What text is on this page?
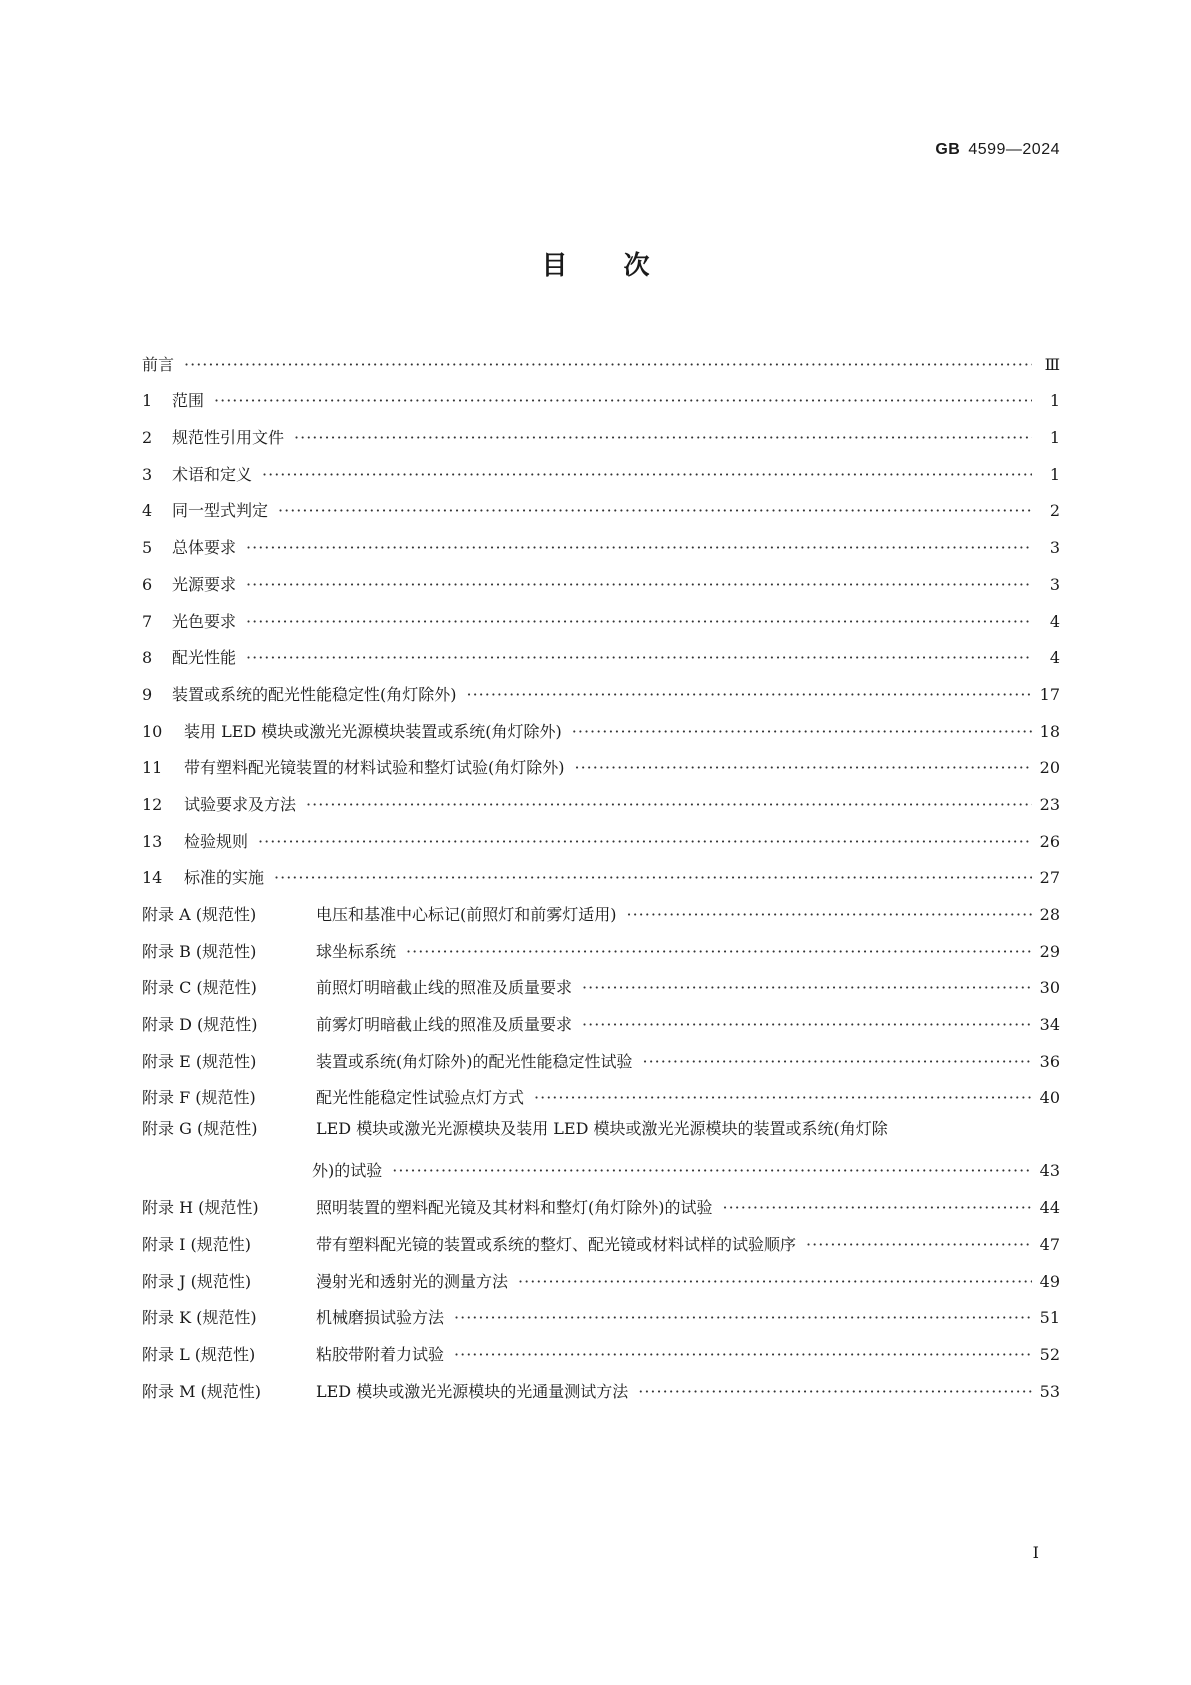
GB 4599—2024
目次
前言 ·····	Ⅲ
1	范围 ·····	1
2	规范性引用文件 ·····	1
3	术语和定义 ·····	1
4	同一型式判定 ·····	2
5	总体要求 ·····	3
6	光源要求 ·····	3
7	光色要求 ·····	4
8	配光性能 ·····	4
9	装置或系统的配光性能稳定性(角灯除外) ·····	17
10	装用 LED 模块或激光光源模块装置或系统(角灯除外) ·····	18
11	带有塑料配光镜装置的材料试验和整灯试验(角灯除外) ·····	20
12	试验要求及方法 ·····	23
13	检验规则 ·····	26
14	标准的实施 ·····	27
附录 A (规范性)	电压和基准中心标记(前照灯和前雾灯适用) ·····	28
附录 B (规范性)	球坐标系统 ·····	29
附录 C (规范性)	前照灯明暗截止线的照准及质量要求 ·····	30
附录 D (规范性)	前雾灯明暗截止线的照准及质量要求 ·····	34
附录 E (规范性)	装置或系统(角灯除外)的配光性能稳定性试验 ·····	36
附录 F (规范性)	配光性能稳定性试验点灯方式 ·····	40
附录 G (规范性)	LED 模块或激光光源模块及装用 LED 模块或激光光源模块的装置或系统(角灯除
外)的试验 ·····	43
附录 H (规范性)	照明装置的塑料配光镜及其材料和整灯(角灯除外)的试验 ·····	44
附录 I (规范性)	带有塑料配光镜的装置或系统的整灯、配光镜或材料试样的试验顺序 ·····	47
附录 J (规范性)	漫射光和透射光的测量方法 ·····	49
附录 K (规范性)	机械磨损试验方法 ·····	51
附录 L (规范性)	粘胶带附着力试验 ·····	52
附录 M (规范性)	LED 模块或激光光源模块的光通量测试方法 ·····	53
I
